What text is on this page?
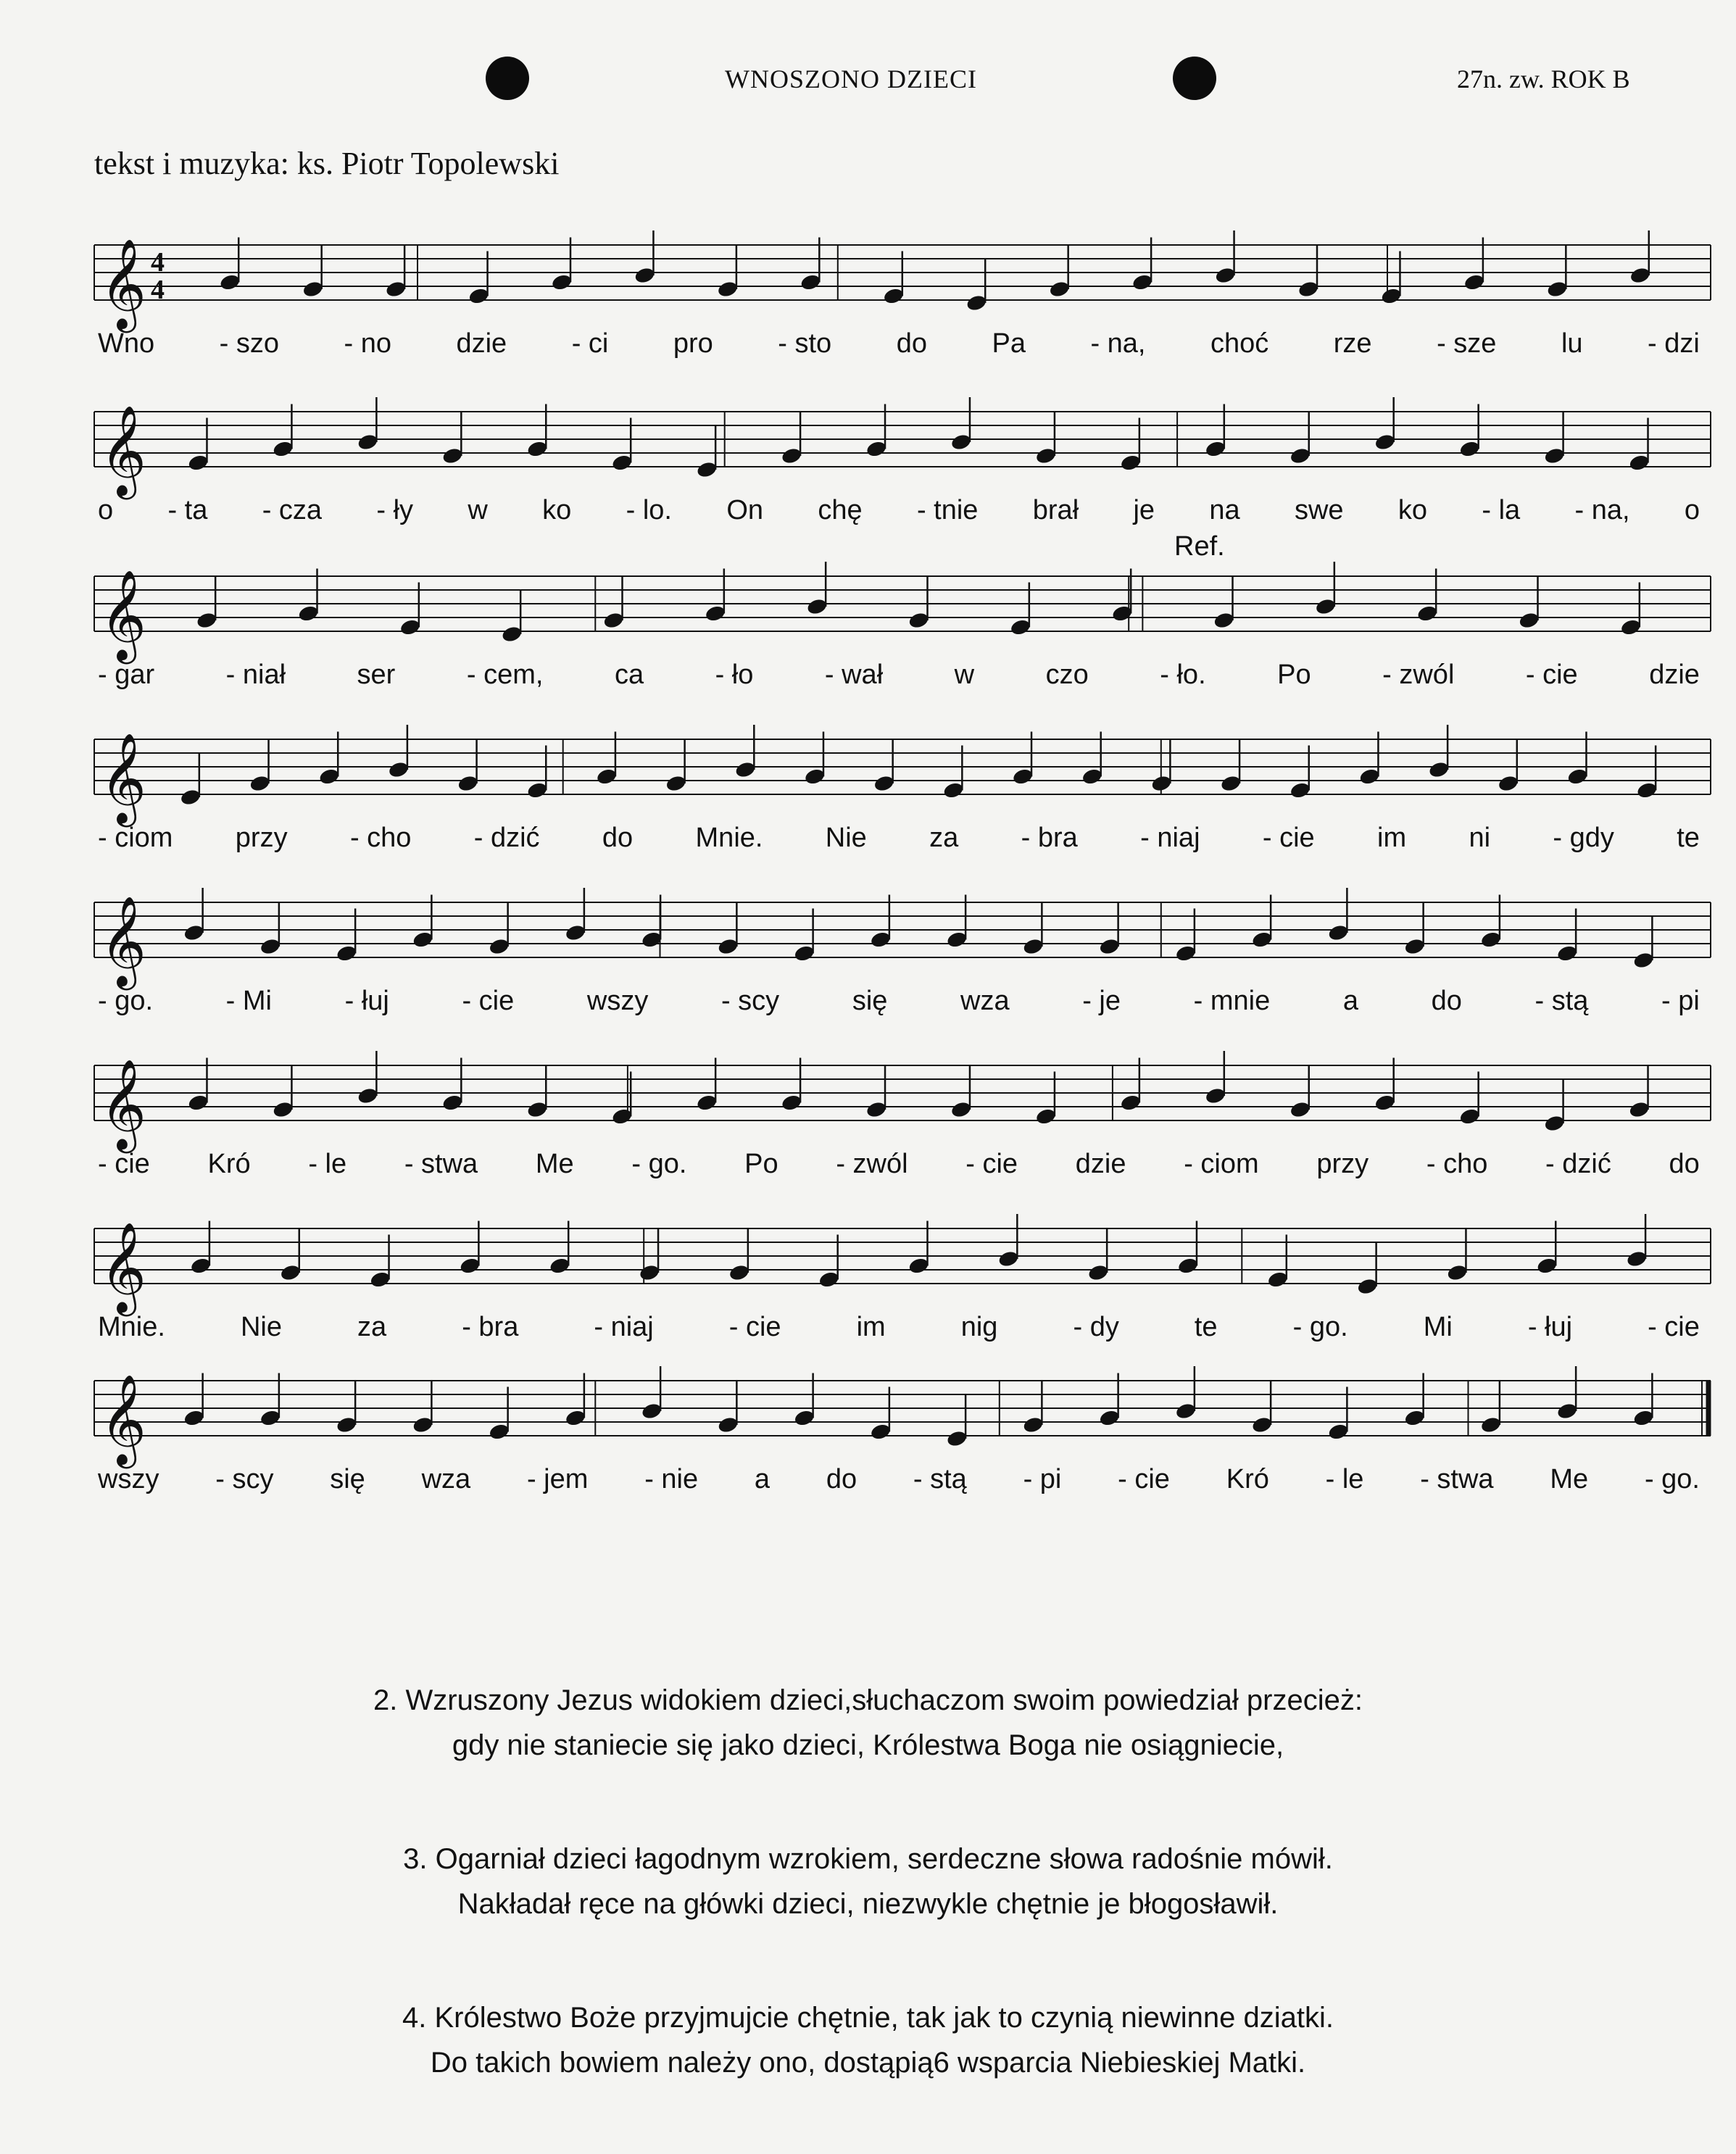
WNOSZONO DZIECI	27n. zw. ROK B
tekst i muzyka: ks. Piotr Topolewski
𝄞 4
4
Wno - szo - no dzie - ci pro - sto do Pa - na, choć rze - sze lu - dzi
𝄞
o - ta - cza - ły w ko - lo. On chę - tnie brał je na swe ko - la - na, o
𝄞
- gar	- niał	ser	- cem,	ca	- ło	- wał	w	czo	- ło.	Po	- zwól	- cie	dzie
𝄞
- ciom przy - cho - dzić do Mnie. Nie za - bra - niaj - cie im ni - gdy te
𝄞
- go.	- Mi	- łuj	- cie	wszy	- scy	się	wza	- je	- mnie	a	do	- stą	- pi
𝄞
- cie Kró - le - stwa Me - go. Po - zwól - cie dzie - ciom przy - cho - dzić do
𝄞
Mnie.	Nie	za	- bra	- niaj	- cie	im	nig	- dy	te	- go.	Mi	- łuj	- cie
𝄞
wszy - scy się wza - jem - nie a do - stą - pi - cie Kró - le - stwa Me - go.
Ref.
2. Wzruszony Jezus widokiem dzieci,słuchaczom swoim powiedział przecież:
gdy nie staniecie się jako dzieci, Królestwa Boga nie osiągniecie,
3. Ogarniał dzieci łagodnym wzrokiem, serdeczne słowa radośnie mówił.
Nakładał ręce na główki dzieci, niezwykle chętnie je błogosławił.
4. Królestwo Boże przyjmujcie chętnie, tak jak to czynią niewinne dziatki.
Do takich bowiem należy ono, dostąpią6 wsparcia Niebieskiej Matki.
